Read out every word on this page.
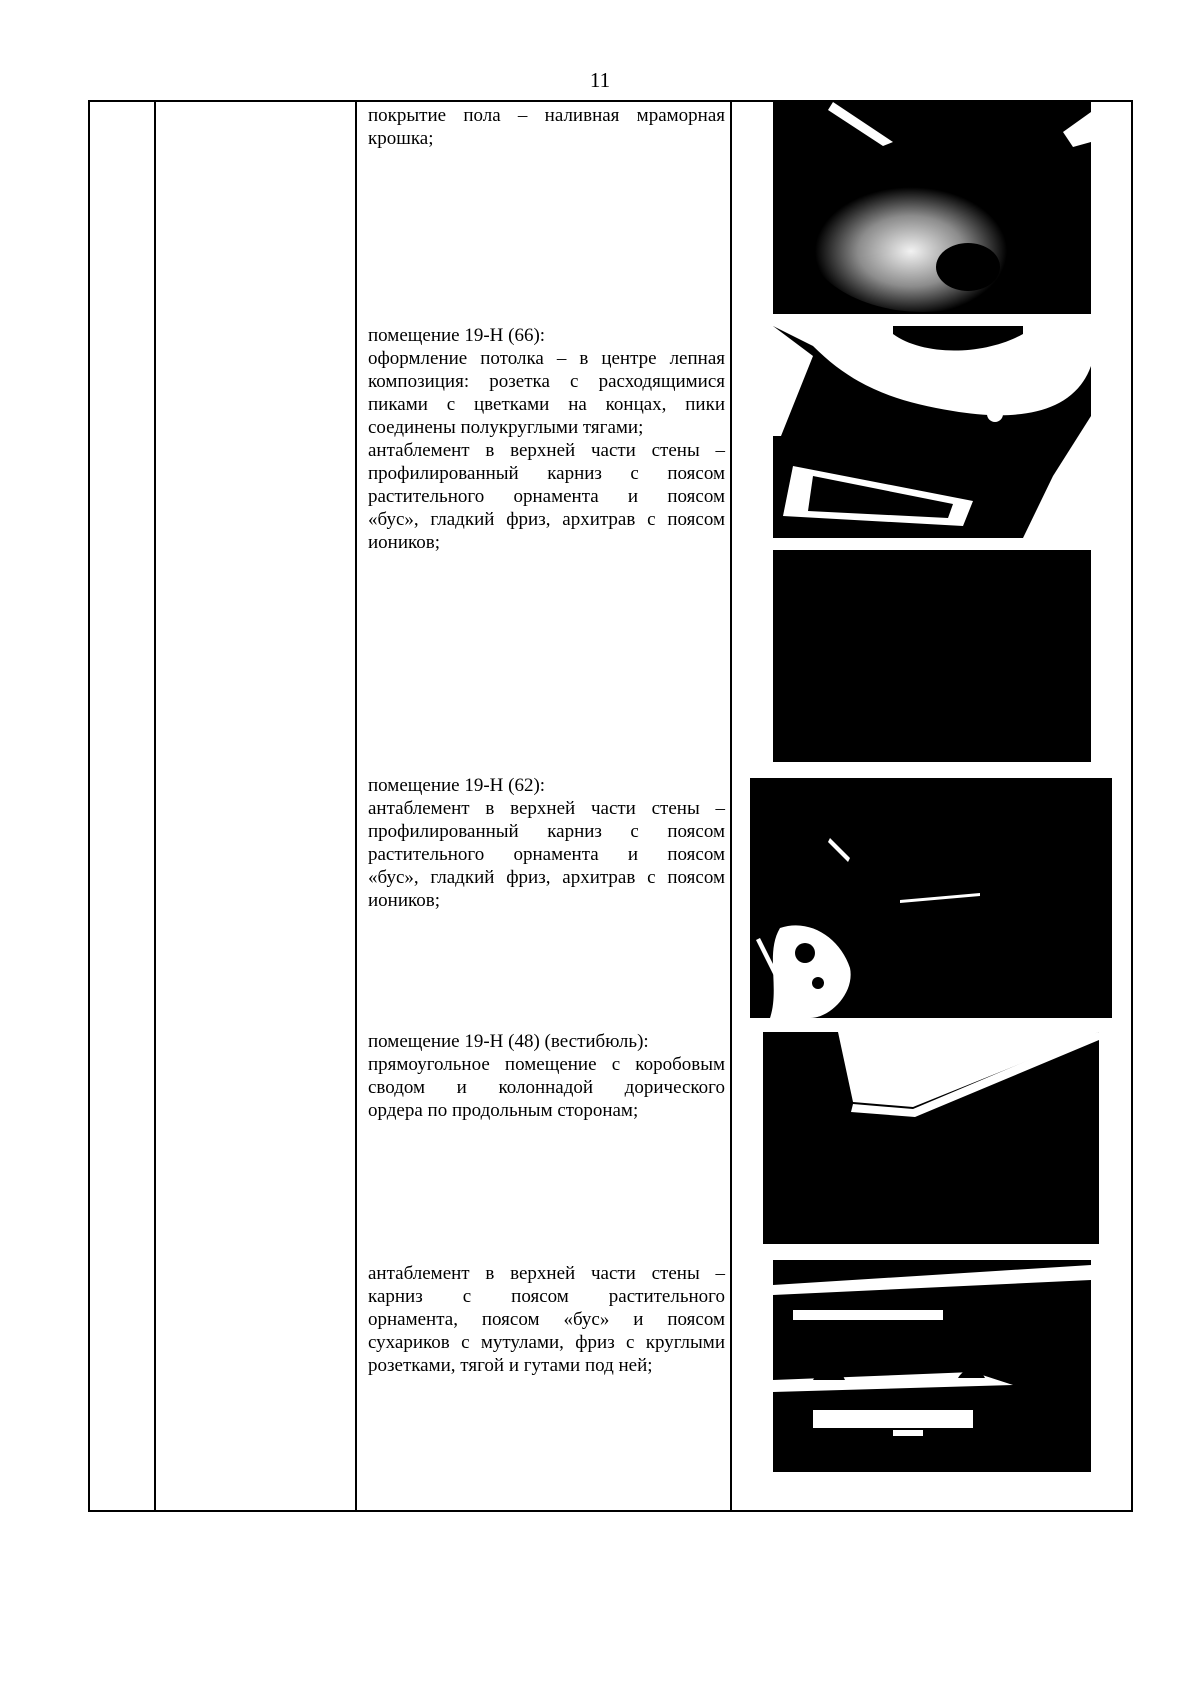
11
покрытие пола – наливная мраморная
крошка;
помещение 19-Н (66):
оформление потолка – в центре лепная
композиция: розетка с расходящимися
пиками с цветками на концах, пики
соединены полукруглыми тягами;
антаблемент в верхней части стены –
профилированный карниз с поясом
растительного орнамента и поясом
«бус», гладкий фриз, архитрав с поясом
иоников;
помещение 19-Н (62):
антаблемент в верхней части стены –
профилированный карниз с поясом
растительного орнамента и поясом
«бус», гладкий фриз, архитрав с поясом
иоников;
помещение 19-Н (48) (вестибюль):
прямоугольное помещение с коробовым
сводом и колоннадой дорического
ордера по продольным сторонам;
антаблемент в верхней части стены –
карниз с поясом растительного
орнамента, поясом «бус» и поясом
сухариков с мутулами, фриз с круглыми
розетками, тягой и гутами под ней;
